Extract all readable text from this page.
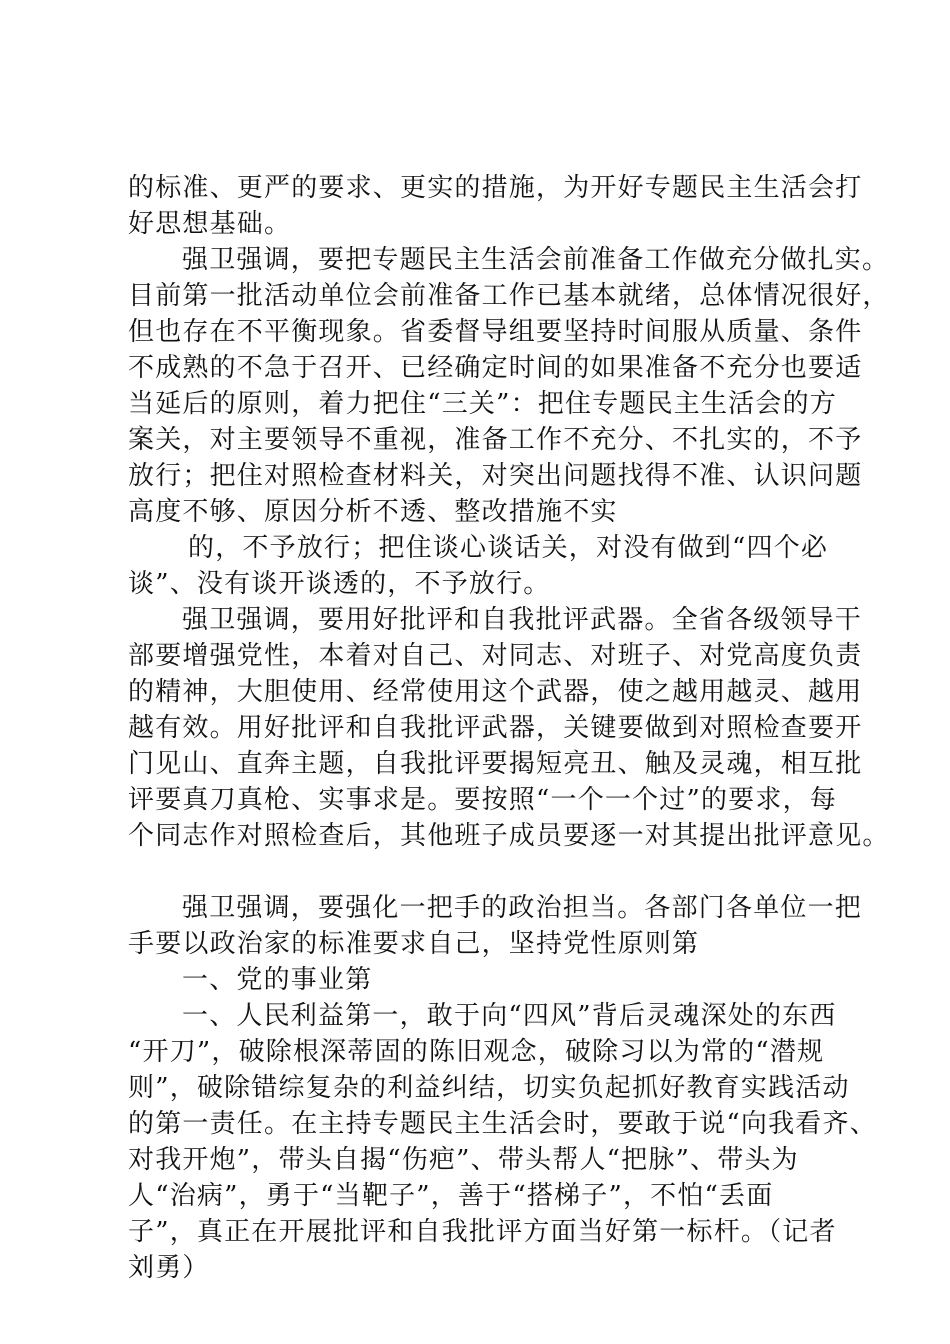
的标准、更严的要求、更实的措施，为开好专题民主生活会打
好思想基础。
强卫强调，要把专题民主生活会前准备工作做充分做扎实。
目前第一批活动单位会前准备工作已基本就绪，总体情况很好，
但也存在不平衡现象。省委督导组要坚持时间服从质量、条件
不成熟的不急于召开、已经确定时间的如果准备不充分也要适
当延后的原则，着力把住“三关”：把住专题民主生活会的方
案关，对主要领导不重视，准备工作不充分、不扎实的，不予
放行；把住对照检查材料关，对突出问题找得不准、认识问题
高度不够、原因分析不透、整改措施不实
的，不予放行；把住谈心谈话关，对没有做到“四个必
谈”、没有谈开谈透的，不予放行。
强卫强调，要用好批评和自我批评武器。全省各级领导干
部要增强党性，本着对自己、对同志、对班子、对党高度负责
的精神，大胆使用、经常使用这个武器，使之越用越灵、越用
越有效。用好批评和自我批评武器，关键要做到对照检查要开
门见山、直奔主题，自我批评要揭短亮丑、触及灵魂，相互批
评要真刀真枪、实事求是。要按照“一个一个过”的要求，每
个同志作对照检查后，其他班子成员要逐一对其提出批评意见。
强卫强调，要强化一把手的政治担当。各部门各单位一把
手要以政治家的标准要求自己，坚持党性原则第
一、党的事业第
一、人民利益第一，敢于向“四风”背后灵魂深处的东西
“开刀”，破除根深蒂固的陈旧观念，破除习以为常的“潜规
则”，破除错综复杂的利益纠结，切实负起抓好教育实践活动
的第一责任。在主持专题民主生活会时，要敢于说“向我看齐、
对我开炮”，带头自揭“伤疤”、带头帮人“把脉”、带头为
人“治病”，勇于“当靶子”，善于“搭梯子”，不怕“丢面
子”，真正在开展批评和自我批评方面当好第一标杆。（记者
刘勇）
